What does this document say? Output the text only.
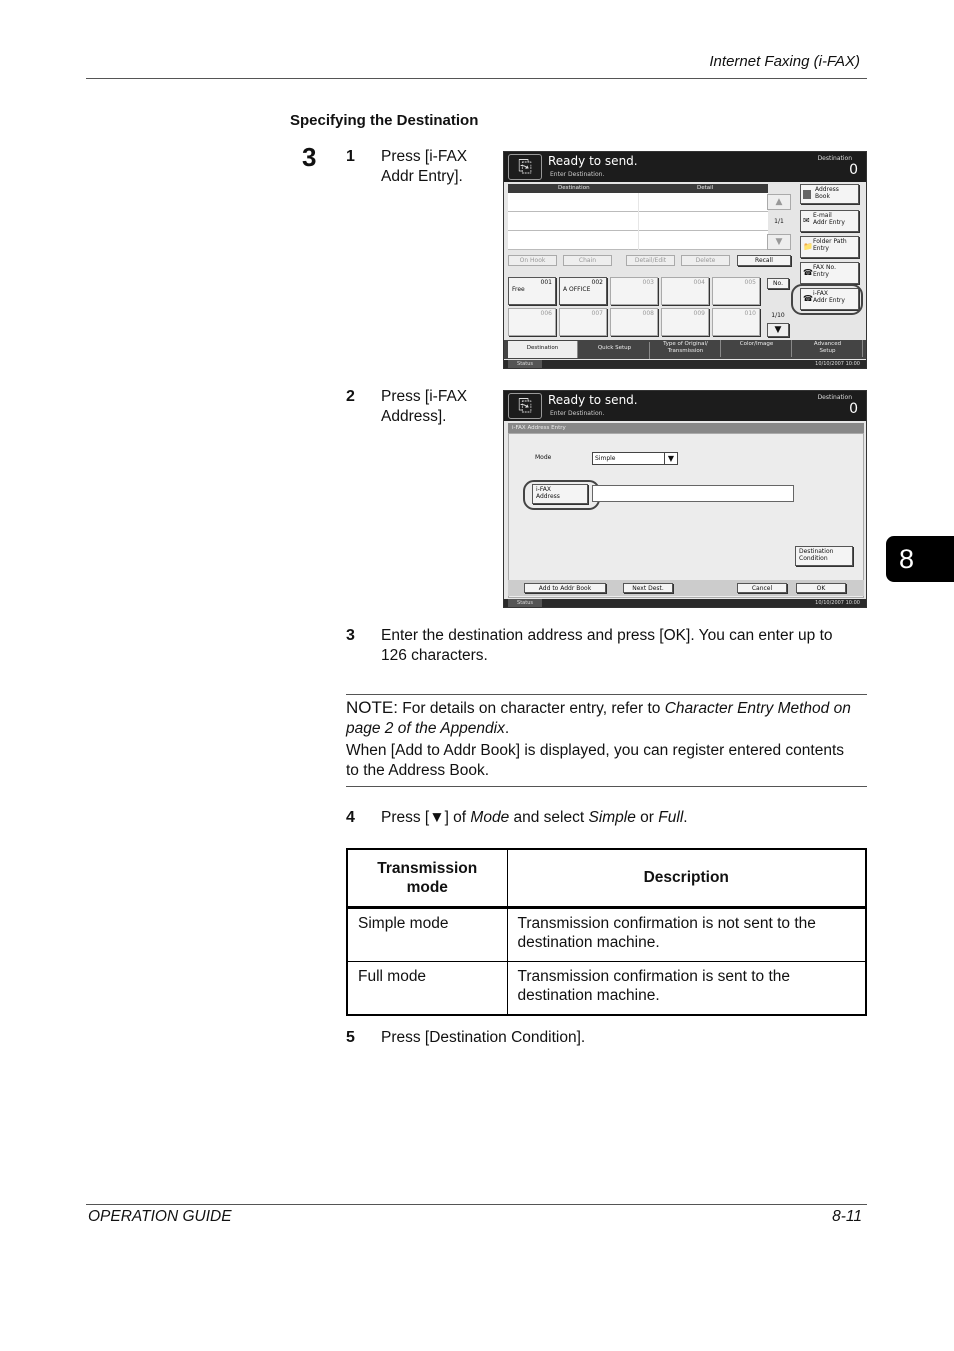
Internet Faxing (i-FAX)
Specifying the Destination
3 1 Press [i-FAX
Addr Entry].	⎘	Ready to send.
Enter Destination.
Destination
0
Destination	Detail
▲
1/1
▼
Address Book
✉
E-mail
Addr Entry
📁
Folder Path
Entry
☎
FAX No.
Entry
☎
i-FAX
Addr Entry
On Hook	Chain	Detail/Edit	Delete	Recall
001
Free
002
A OFFICE
003	004	005
006	007	008	009	010
No.
1/10
▼
Destination	Quick Setup
Type of Original/
Transmission
Color/Image	Advanced
Setup
Status	10/10/2007 10:00
2 Press [i-FAX
Address].
⎘	Ready to send.
Enter Destination.
Destination
0
i-FAX Address Entry
Mode	Simple	▼
i-FAX
Address
Destination
Condition
Add to Addr Book	Next Dest.	Cancel	OK
Status	10/10/2007 10:00
8
3 Enter the destination address and press [OK]. You can enter up to
126 characters.
NOTE: For details on character entry, refer to Character Entry Method on page 2 of the Appendix.
When [Add to Addr Book] is displayed, you can register entered contents
to the Address Book.
4 Press [▼] of Mode and select Simple or Full.
Transmission mode	Description
Simple mode	Transmission confirmation is not sent to the destination machine.
Full mode	Transmission confirmation is sent to the destination machine.
5 Press [Destination Condition].
OPERATION GUIDE	8-11
